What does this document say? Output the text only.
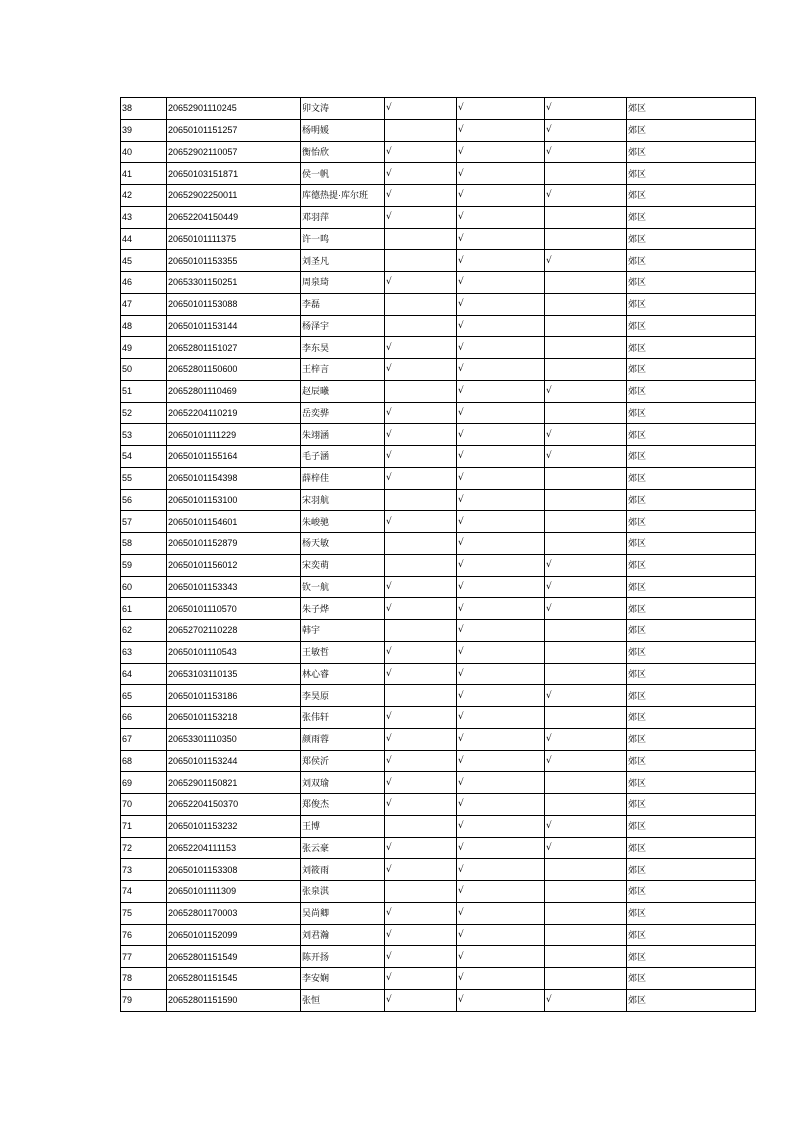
38	20652901110245	卯文涛	√	√	√	郊区
39	20650101151257	杨明媛		√	√	郊区
40	20652902110057	衡怡欣	√	√	√	郊区
41	20650103151871	侯一帆	√	√		郊区
42	20652902250011	库德热提·库尔班	√	√	√	郊区
43	20652204150449	邓羽萍	√	√		郊区
44	20650101111375	许一鸣		√		郊区
45	20650101153355	刘圣凡		√	√	郊区
46	20653301150251	周泉琦	√	√		郊区
47	20650101153088	李磊		√		郊区
48	20650101153144	杨泽宇		√		郊区
49	20652801151027	李东昊	√	√		郊区
50	20652801150600	王梓言	√	√		郊区
51	20652801110469	赵辰曦		√	√	郊区
52	20652204110219	岳奕骅	√	√		郊区
53	20650101111229	朱翊涵	√	√	√	郊区
54	20650101155164	毛子涵	√	√	√	郊区
55	20650101154398	薛梓佳	√	√		郊区
56	20650101153100	宋羽航		√		郊区
57	20650101154601	朱峻驰	√	√		郊区
58	20650101152879	杨天敏		√		郊区
59	20650101156012	宋奕萌		√	√	郊区
60	20650101153343	钦一航	√	√	√	郊区
61	20650101110570	朱子烨	√	√	√	郊区
62	20652702110228	韩宇		√		郊区
63	20650101110543	王敏哲	√	√		郊区
64	20653103110135	林心睿	√	√		郊区
65	20650101153186	李昊原		√	√	郊区
66	20650101153218	张伟轩	√	√		郊区
67	20653301110350	颜雨蓉	√	√	√	郊区
68	20650101153244	郑侯沂	√	√	√	郊区
69	20652901150821	刘双瑜	√	√		郊区
70	20652204150370	郑俊杰	√	√		郊区
71	20650101153232	王博		√	√	郊区
72	20652204111153	张云豪	√	√	√	郊区
73	20650101153308	刘筱雨	√	√		郊区
74	20650101111309	张泉淇		√		郊区
75	20652801170003	吴尚卿	√	√		郊区
76	20650101152099	刘君瀚	√	√		郊区
77	20652801151549	陈开扬	√	√		郊区
78	20652801151545	李安娴	√	√		郊区
79	20652801151590	张恒	√	√	√	郊区
